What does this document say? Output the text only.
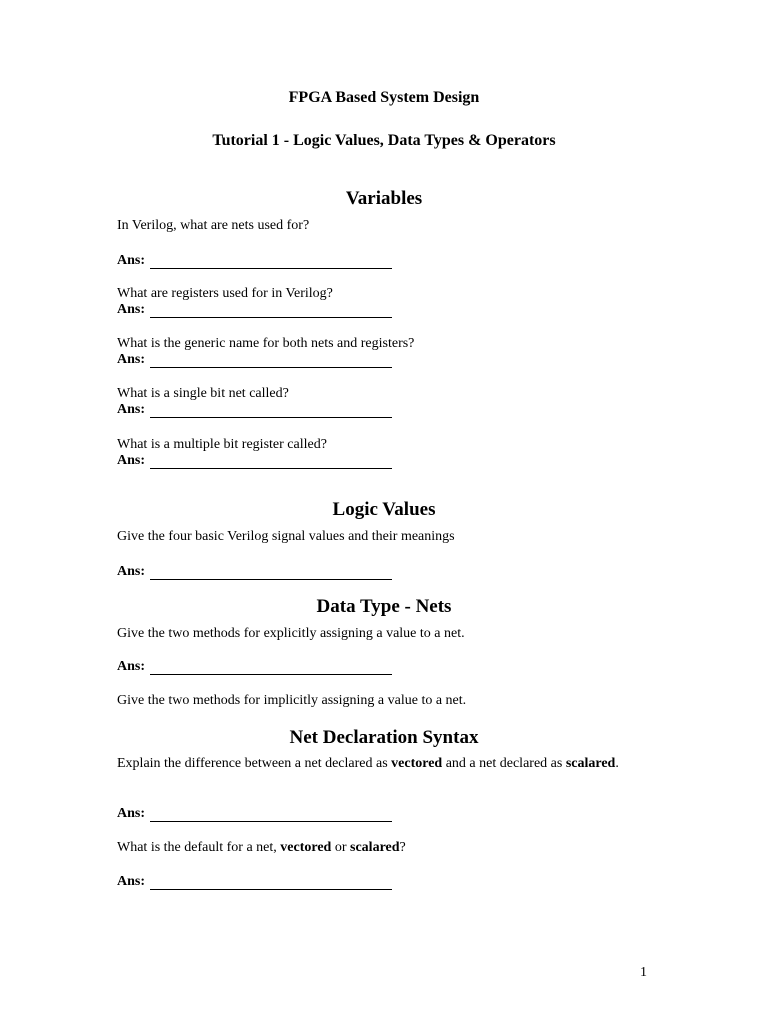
FPGA Based System Design
Tutorial 1 - Logic Values, Data Types & Operators
Variables
In Verilog, what are nets used for?
Ans:
What are registers used for in Verilog?
Ans:
What is the generic name for both nets and registers?
Ans:
What is a single bit net called?
Ans:
What is a multiple bit register called?
Ans:
Logic Values
Give the four basic Verilog signal values and their meanings
Ans:
Data Type - Nets
Give the two methods for explicitly assigning a value to a net.
Ans:
Give the two methods for implicitly assigning a value to a net.
Net Declaration Syntax
Explain the difference between a net declared as vectored and a net declared as scalared.
Ans:
What is the default for a net, vectored or scalared?
Ans:
1
